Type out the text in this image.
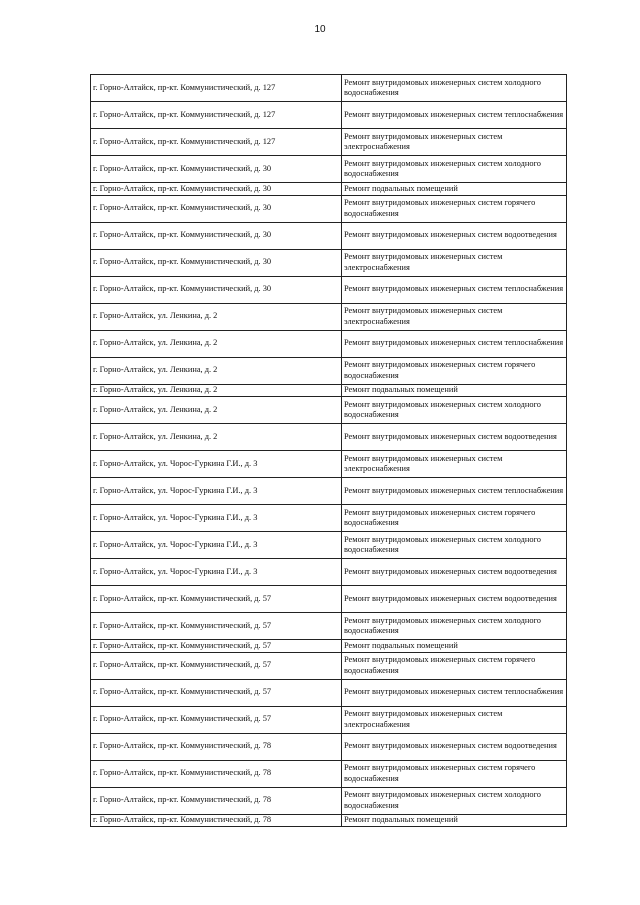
10
г. Горно-Алтайск, пр-кт. Коммунистический, д. 127	Ремонт внутридомовых инженерных систем холодного водоснабжения
г. Горно-Алтайск, пр-кт. Коммунистический, д. 127	Ремонт внутридомовых инженерных систем теплоснабжения
г. Горно-Алтайск, пр-кт. Коммунистический, д. 127	Ремонт внутридомовых инженерных систем электроснабжения
г. Горно-Алтайск, пр-кт. Коммунистический, д. 30	Ремонт внутридомовых инженерных систем холодного водоснабжения
г. Горно-Алтайск, пр-кт. Коммунистический, д. 30	Ремонт подвальных помещений
г. Горно-Алтайск, пр-кт. Коммунистический, д. 30	Ремонт внутридомовых инженерных систем горячего водоснабжения
г. Горно-Алтайск, пр-кт. Коммунистический, д. 30	Ремонт внутридомовых инженерных систем водоотведения
г. Горно-Алтайск, пр-кт. Коммунистический, д. 30	Ремонт внутридомовых инженерных систем электроснабжения
г. Горно-Алтайск, пр-кт. Коммунистический, д. 30	Ремонт внутридомовых инженерных систем теплоснабжения
г. Горно-Алтайск, ул. Ленкина, д. 2	Ремонт внутридомовых инженерных систем электроснабжения
г. Горно-Алтайск, ул. Ленкина, д. 2	Ремонт внутридомовых инженерных систем теплоснабжения
г. Горно-Алтайск, ул. Ленкина, д. 2	Ремонт внутридомовых инженерных систем горячего водоснабжения
г. Горно-Алтайск, ул. Ленкина, д. 2	Ремонт подвальных помещений
г. Горно-Алтайск, ул. Ленкина, д. 2	Ремонт внутридомовых инженерных систем холодного водоснабжения
г. Горно-Алтайск, ул. Ленкина, д. 2	Ремонт внутридомовых инженерных систем водоотведения
г. Горно-Алтайск, ул. Чорос-Гуркина Г.И., д. 3	Ремонт внутридомовых инженерных систем электроснабжения
г. Горно-Алтайск, ул. Чорос-Гуркина Г.И., д. 3	Ремонт внутридомовых инженерных систем теплоснабжения
г. Горно-Алтайск, ул. Чорос-Гуркина Г.И., д. 3	Ремонт внутридомовых инженерных систем горячего водоснабжения
г. Горно-Алтайск, ул. Чорос-Гуркина Г.И., д. 3	Ремонт внутридомовых инженерных систем холодного водоснабжения
г. Горно-Алтайск, ул. Чорос-Гуркина Г.И., д. 3	Ремонт внутридомовых инженерных систем водоотведения
г. Горно-Алтайск, пр-кт. Коммунистический, д. 57	Ремонт внутридомовых инженерных систем водоотведения
г. Горно-Алтайск, пр-кт. Коммунистический, д. 57	Ремонт внутридомовых инженерных систем холодного водоснабжения
г. Горно-Алтайск, пр-кт. Коммунистический, д. 57	Ремонт подвальных помещений
г. Горно-Алтайск, пр-кт. Коммунистический, д. 57	Ремонт внутридомовых инженерных систем горячего водоснабжения
г. Горно-Алтайск, пр-кт. Коммунистический, д. 57	Ремонт внутридомовых инженерных систем теплоснабжения
г. Горно-Алтайск, пр-кт. Коммунистический, д. 57	Ремонт внутридомовых инженерных систем электроснабжения
г. Горно-Алтайск, пр-кт. Коммунистический, д. 78	Ремонт внутридомовых инженерных систем водоотведения
г. Горно-Алтайск, пр-кт. Коммунистический, д. 78	Ремонт внутридомовых инженерных систем горячего водоснабжения
г. Горно-Алтайск, пр-кт. Коммунистический, д. 78	Ремонт внутридомовых инженерных систем холодного водоснабжения
г. Горно-Алтайск, пр-кт. Коммунистический, д. 78	Ремонт подвальных помещений
